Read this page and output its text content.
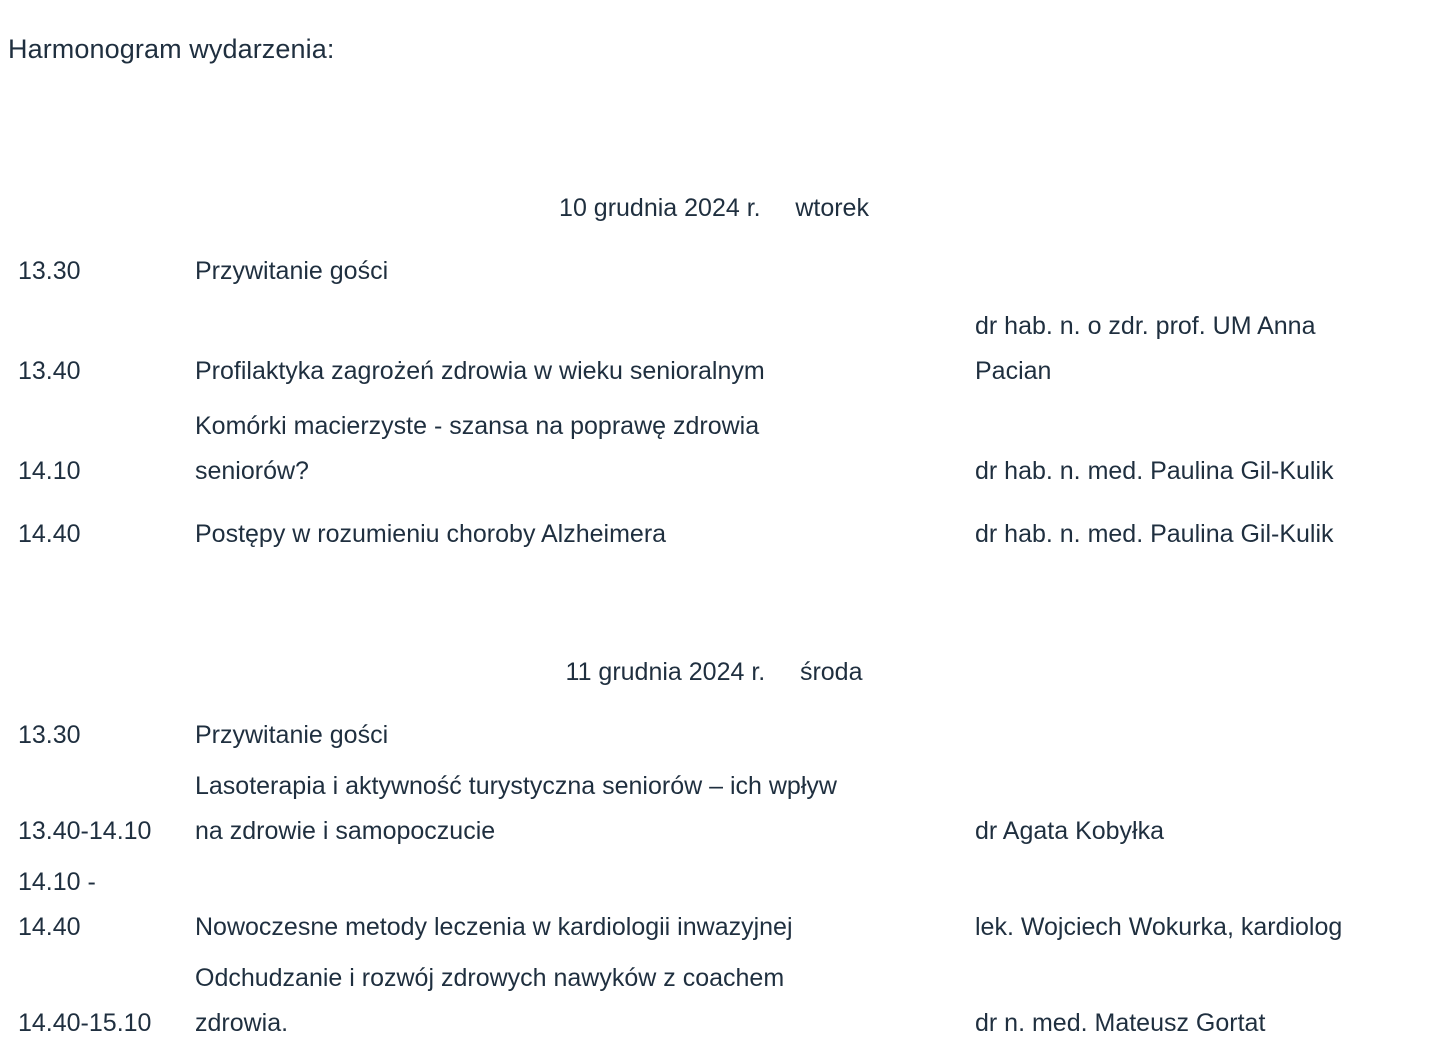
Harmonogram wydarzenia:
10 grudnia 2024 r.     wtorek		
13.30	Przywitanie gości	

13.40	Profilaktyka zagrożeń zdrowia w wieku senioralnym	dr hab. n. o zdr. prof. UM Anna
Pacian

14.10	Komórki macierzyste - szansa na poprawę zdrowia
seniorów?	dr hab. n. med. Paulina Gil-Kulik

14.40	Postępy w rozumieniu choroby Alzheimera	dr hab. n. med. Paulina Gil-Kulik

11 grudnia 2024 r.     środa		
13.30	Przywitanie gości	

13.40-14.10	Lasoterapia i aktywność turystyczna seniorów – ich wpływ
na zdrowie i samopoczucie	dr Agata Kobyłka

14.10 -
14.40	Nowoczesne metody leczenia w kardiologii inwazyjnej	lek. Wojciech Wokurka, kardiolog

14.40-15.10	Odchudzanie i rozwój zdrowych nawyków z coachem
zdrowia.	dr n. med. Mateusz Gortat
